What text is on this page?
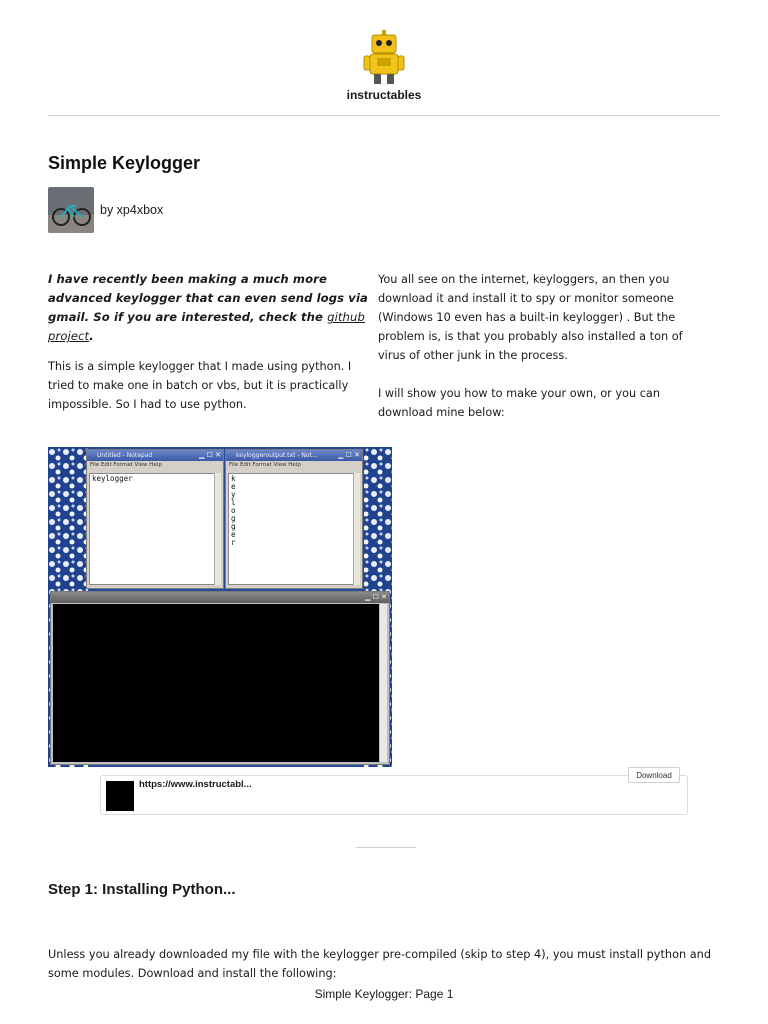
instructables
Simple Keylogger
by xp4xbox

I have recently been making a much more advanced keylogger that can even send logs via gmail. So if you are interested, check the github project.

This is a simple keylogger that I made using python. I tried to make one in batch or vbs, but it is practically impossible. So I had to use python.

You all see on the internet, keyloggers, an then you download it and install it to spy or monitor someone (Windows 10 even has a built-in keylogger) . But the problem is, is that you probably also installed a ton of virus of other junk in the process.

I will show you how to make your own, or you can download mine below:

Untitled - Notepad	▁ ☐ ✕
File Edit Format View Help
keylogger
keyloggeroutput.txt - Not...	▁ ☐ ✕
File Edit Format View Help
k
e
y
l
o
g
g
e
r
▁ ☐ ✕
https://www.instructabl...
Download
Step 1: Installing Python...
Unless you already downloaded my file with the keylogger pre-compiled (skip to step 4), you must install python and some modules. Download and install the following:
Simple Keylogger: Page 1
